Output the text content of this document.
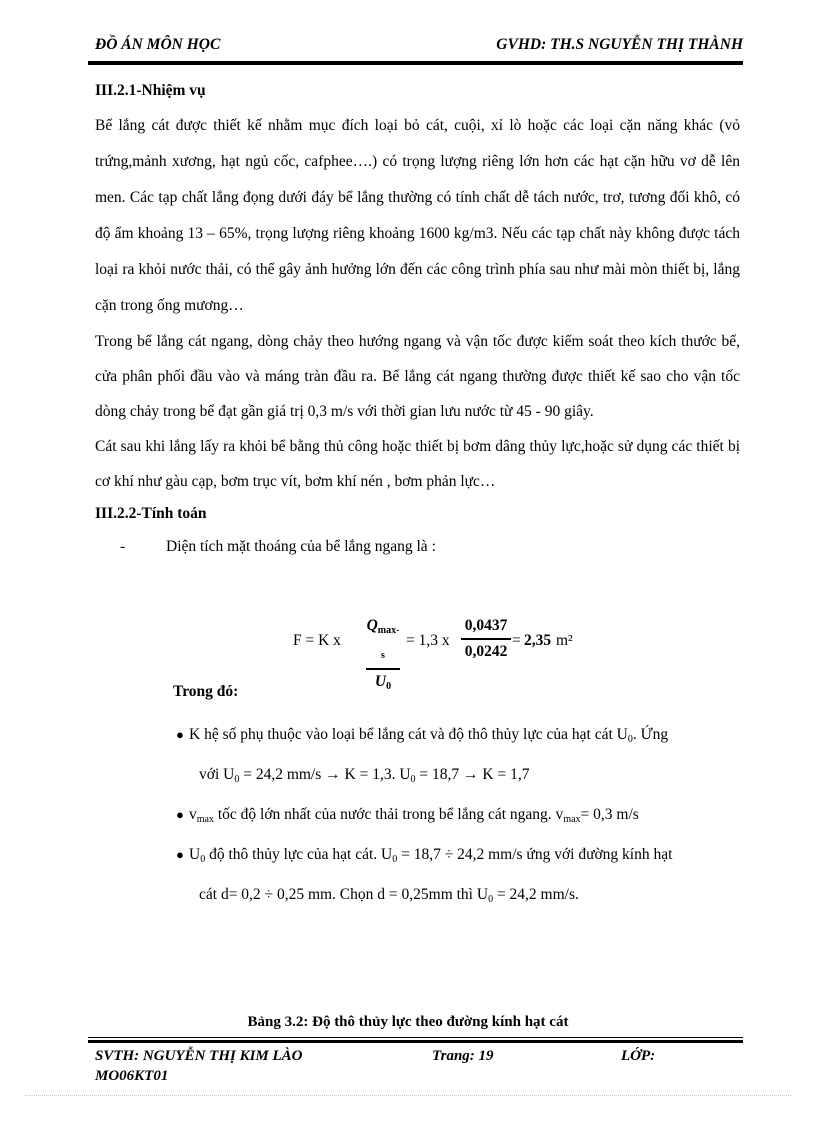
ĐỒ ÁN MÔN HỌC	GVHD: TH.S NGUYỄN THỊ THÀNH
III.2.1-Nhiệm vụ

Bể lắng cát được thiết kế nhằm mục đích loại bỏ cát, cuội, xỉ lò hoặc các loại cặn năng khác (vỏ trứng,mảnh xương, hạt ngủ cốc, cafphee….) có trọng lượng riêng lớn hơn các hạt cặn hữu vơ dễ lên men. Các tạp chất lắng đọng dưới đáy bể lắng thường có tính chất dễ tách nước, trơ, tương đối khô, có độ ẩm khoảng 13 – 65%, trọng lượng riêng khoảng 1600 kg/m3. Nếu các tạp chất này không được tách loại ra khỏi nước thải, có thể gây ảnh hưởng lớn đến các công trình phía sau như mài mòn thiết bị, lắng cặn trong ống mương…

Trong bể lắng cát ngang, dòng chảy theo hướng ngang và vận tốc được kiểm soát theo kích thước bể, cửa phân phối đầu vào và máng tràn đầu ra. Bể lắng cát ngang thường được thiết kế sao cho vận tốc dòng chảy trong bể đạt gần giá trị 0,3 m/s với thời gian lưu nước từ 45 - 90 giây.

Cát sau khi lắng lấy ra khỏi bể bằng thủ công hoặc thiết bị bơm dâng thủy lực,hoặc sử dụng các thiết bị cơ khí như gàu cạp, bơm trục vít, bơm khí nén , bơm phản lực…

III.2.2-Tính toán
-	Diện tích mặt thoáng của bể lắng ngang là :
F = K x
$Q_{max-s}$
$U_0$
= 1,3 x
0,0437
0,0242
= 2,35 m²
Trong đó:
● K hệ số phụ thuộc vào loại bể lắng cát và độ thô thủy lực của hạt cát $U_0$. Ứng
với $U_0 = 24,2$ mm/s → K = 1,3. $U_0 = 18,7 \to K = 1,7$
● $v_{max}$ tốc độ lớn nhất của nước thải trong bể lắng cát ngang. $v_{max}= 0,3$ m/s
● $U_0$ độ thô thủy lực của hạt cát. $U_0 = 18,7 \div 24,2$ mm/s ứng với đường kính hạt
cát d= 0,2 ÷ 0,25 mm. Chọn d = 0,25mm thì $U_0 = 24,2$ mm/s.
Bảng 3.2: Độ thô thủy lực theo đường kính hạt cát
SVTH: NGUYỄN THỊ KIM LÀO
MO06KT01
Trang: 19	LỚP:
